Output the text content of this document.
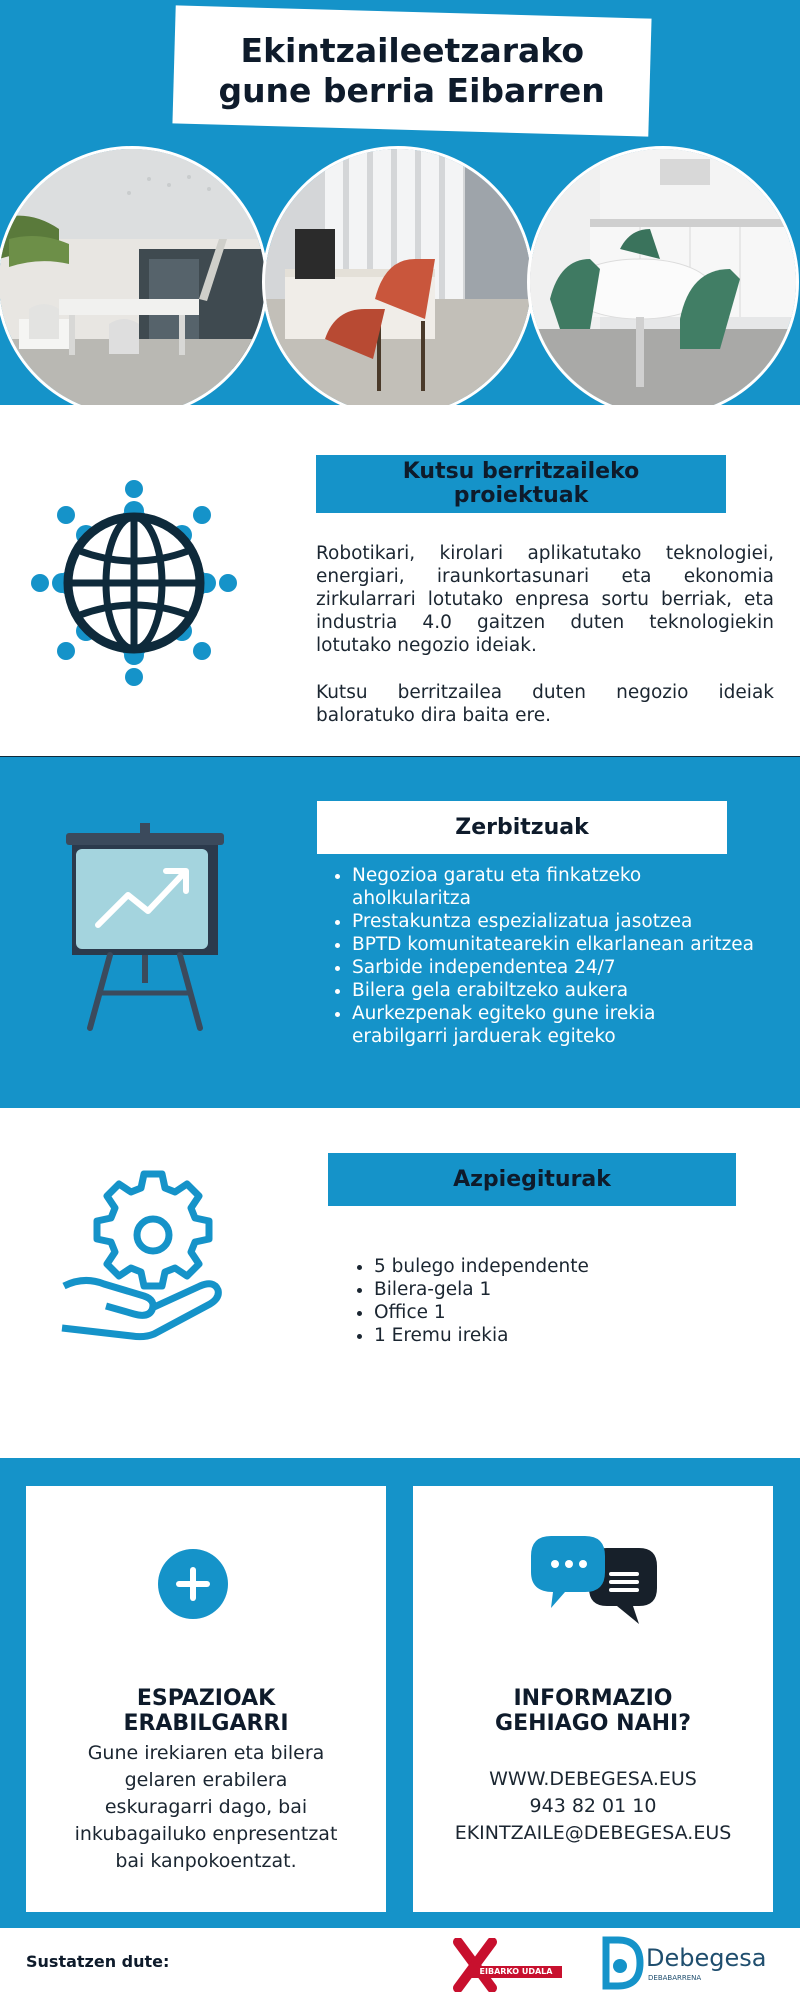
Ekintzaileetzarako
gune berria Eibarren
Kutsu berritzaileko
proiektuak

Robotikari, kirolari aplikatutako teknologiei, energiari, iraunkortasunari eta ekonomia zirkularrari lotutako enpresa sortu berriak, eta industria 4.0 gaitzen duten teknologiekin lotutako negozio ideiak.

Kutsu berritzailea duten negozio ideiak baloratuko dira baita ere.

Zerbitzuak
• Negozioa garatu eta finkatzeko aholkularitza
• Prestakuntza espezializatua jasotzea
• BPTD komunitatearekin elkarlanean aritzea
• Sarbide independentea 24/7
• Bilera gela erabiltzeko aukera
• Aurkezpenak egiteko gune irekia erabilgarri jarduerak egiteko
Azpiegiturak
• 5 bulego independente
• Bilera-gela 1
• Office 1
• 1 Eremu irekia
ESPAZIOAK
ERABILGARRI
Gune irekiaren eta bilera
gelaren erabilera
eskuragarri dago, bai
inkubagailuko enpresentzat
bai kanpokoentzat.
INFORMAZIO
GEHIAGO NAHI?
WWW.DEBEGESA.EUS
943 82 01 10
EKINTZAILE@DEBEGESA.EUS
Sustatzen dute:
EIBARKO UDALA	Debegesa
DEBABARRENA
